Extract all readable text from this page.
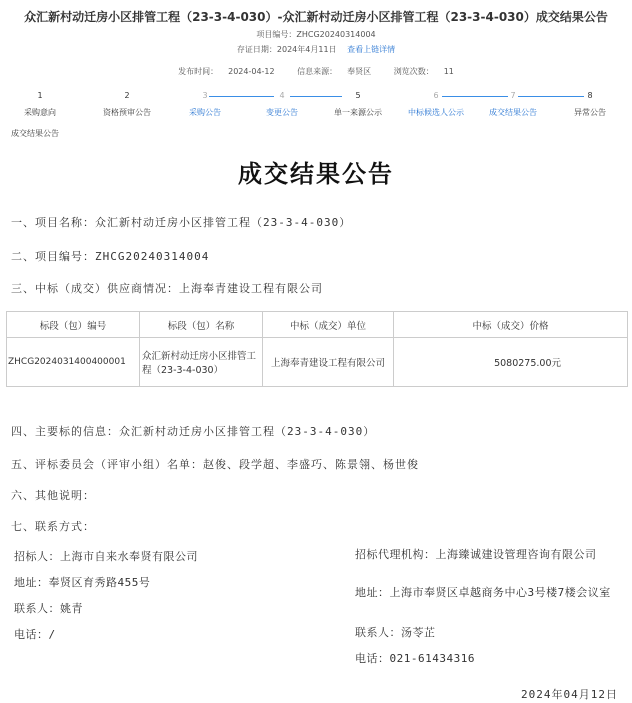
众汇新村动迁房小区排管工程（23-3-4-030）-众汇新村动迁房小区排管工程（23-3-4-030）成交结果公告
项目编号：ZHCG20240314004
存证日期：2024年4月11日 查看上链详情
发布时间： 2024-04-12	信息来源： 奉贤区	浏览次数： 11
1
采购意向
2
资格预审公告
3
采购公告
4
变更公告
5
单一来源公示
6
中标候选人公示
7
成交结果公告
8
异常公告
成交结果公告
成交结果公告
一、项目名称：众汇新村动迁房小区排管工程（23-3-4-030）
二、项目编号：ZHCG20240314004
三、中标（成交）供应商情况：上海奉青建设工程有限公司
标段（包）编号	标段（包）名称	中标（成交）单位	中标（成交）价格
ZHCG2024031400400001	众汇新村动迁房小区排管工程（23-3-4-030）	上海奉青建设工程有限公司	5080275.00元
四、主要标的信息：众汇新村动迁房小区排管工程（23-3-4-030）
五、评标委员会（评审小组）名单：赵俊、段学超、李盛巧、陈景翎、杨世俊
六、其他说明：
七、联系方式：
招标人：上海市自来水奉贤有限公司
地址：奉贤区育秀路455号
联系人：姚青
电话：/
招标代理机构：上海臻诚建设管理咨询有限公司
地址：上海市奉贤区卓越商务中心3号楼7楼会议室
联系人：汤苓芷
电话：021-61434316
2024年04月12日
